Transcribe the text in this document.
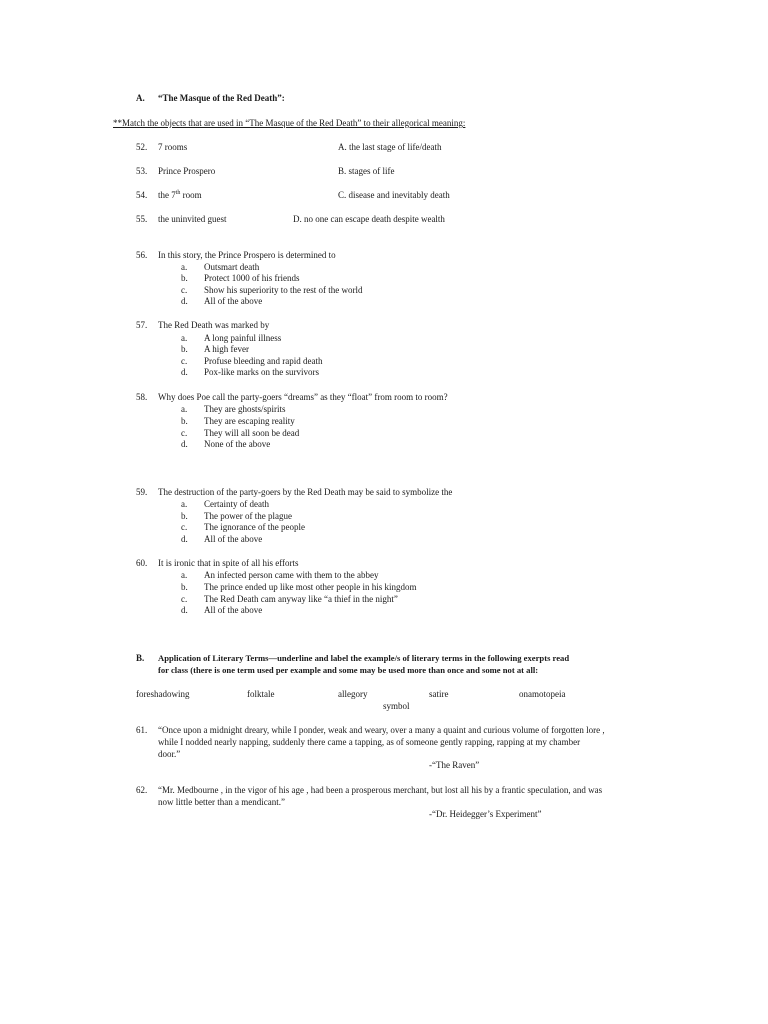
A. “The Masque of the Red Death”:
**Match the objects that are used in “The Masque of the Red Death” to their allegorical meaning:
52. 7 rooms	A. the last stage of life/death
53. Prince Prospero	B. stages of life
54. the 7th room	C. disease and inevitably death
55. the uninvited guest	D. no one can escape death despite wealth
56. In this story, the Prince Prospero is determined to
a. Outsmart death
b. Protect 1000 of his friends
c. Show his superiority to the rest of the world
d. All of the above
57. The Red Death was marked by
a. A long painful illness
b. A high fever
c. Profuse bleeding and rapid death
d. Pox-like marks on the survivors
58. Why does Poe call the party-goers “dreams” as they “float” from room to room?
a. They are ghosts/spirits
b. They are escaping reality
c. They will all soon be dead
d. None of the above
59. The destruction of the party-goers by the Red Death may be said to symbolize the
a. Certainty of death
b. The power of the plague
c. The ignorance of the people
d. All of the above
60. It is ironic that in spite of all his efforts
a. An infected person came with them to the abbey
b. The prince ended up like most other people in his kingdom
c. The Red Death cam anyway like “a thief in the night”
d. All of the above
B. Application of Literary Terms—underline and label the example/s of literary terms in the following exerpts read
for class (there is one term used per example and some may be used more than once and some not at all:
foreshadowing	folktale	allegory	satire	onamotopeia
symbol
61. “Once upon a midnight dreary, while I ponder, weak and weary, over a many a quaint and curious volume of forgotten lore ,
while I nodded nearly napping, suddenly there came a tapping, as of someone gently rapping, rapping at my chamber
door.”
-“The Raven”
62. “Mr. Medbourne , in the vigor of his age , had been a prosperous merchant, but lost all his by a frantic speculation, and was
now little better than a mendicant.”
-“Dr. Heidegger’s Experiment”
